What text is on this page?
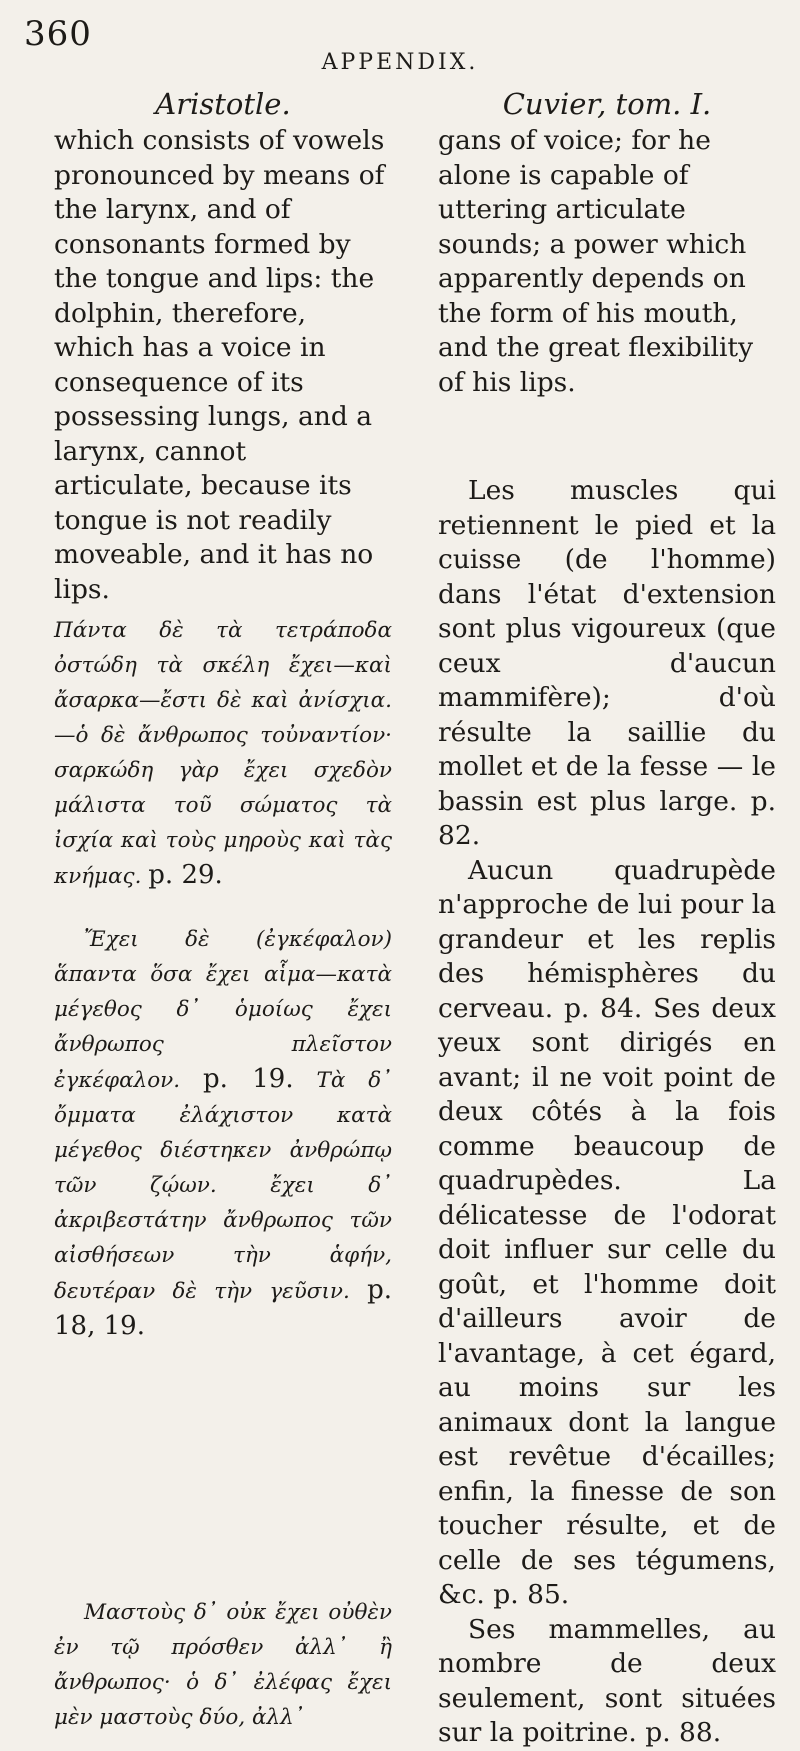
360
APPENDIX.
Aristotle.

which consists of vowels pronounced by means of the larynx, and of consonants formed by the tongue and lips: the dolphin, therefore, which has a voice in consequence of its possessing lungs, and a larynx, cannot articulate, because its tongue is not readily moveable, and it has no lips.

Πάντα δὲ τὰ τετράποδα ὀστώδη τὰ σκέλη ἔχει—καὶ ἄσαρκα—ἔστι δὲ καὶ ἀνίσχια.—ὁ δὲ ἄνθρωπος τοὐναντίον· σαρκώδη γὰρ ἔχει σχεδὸν μάλιστα τοῦ σώματος τὰ ἰσχία καὶ τοὺς μηροὺς καὶ τὰς κνήμας. p. 29.

Ἔχει δὲ (ἐγκέφαλον) ἅπαντα ὅσα ἔχει αἷμα—κατὰ μέγεθος δ᾽ ὁμοίως ἔχει ἄνθρωπος πλεῖστον ἐγκέφαλον. p. 19. Τὰ δ᾽ ὄμματα ἐλάχιστον κατὰ μέγεθος διέστηκεν ἀνθρώπῳ τῶν ζῴων. ἔχει δ᾽ ἀκριβεστάτην ἄνθρωπος τῶν αἰσθήσεων τὴν ἁφήν, δευτέραν δὲ τὴν γεῦσιν. p. 18, 19.

Μαστοὺς δ᾽ οὐκ ἔχει οὐθὲν ἐν τῷ πρόσθεν ἀλλ᾽ ἢ ἄνθρωπος· ὁ δ᾽ ἐλέφας ἔχει μὲν μαστοὺς δύο, ἀλλ᾽

Cuvier, tom. I.

gans of voice; for he alone is capable of uttering articulate sounds; a power which apparently depends on the form of his mouth, and the great flexibility of his lips.

Les muscles qui retiennent le pied et la cuisse (de l'homme) dans l'état d'extension sont plus vigoureux (que ceux d'aucun mammifère); d'où résulte la saillie du mollet et de la fesse — le bassin est plus large. p. 82.

Aucun quadrupède n'approche de lui pour la grandeur et les replis des hémisphères du cerveau. p. 84. Ses deux yeux sont dirigés en avant; il ne voit point de deux côtés à la fois comme beaucoup de quadrupèdes. La délicatesse de l'odorat doit influer sur celle du goût, et l'homme doit d'ailleurs avoir de l'avantage, à cet égard, au moins sur les animaux dont la langue est revêtue d'écailles; enfin, la finesse de son toucher résulte, et de celle de ses tégumens, &c. p. 85.

Ses mammelles, au nombre de deux seulement, sont situées sur la poitrine. p. 88.
